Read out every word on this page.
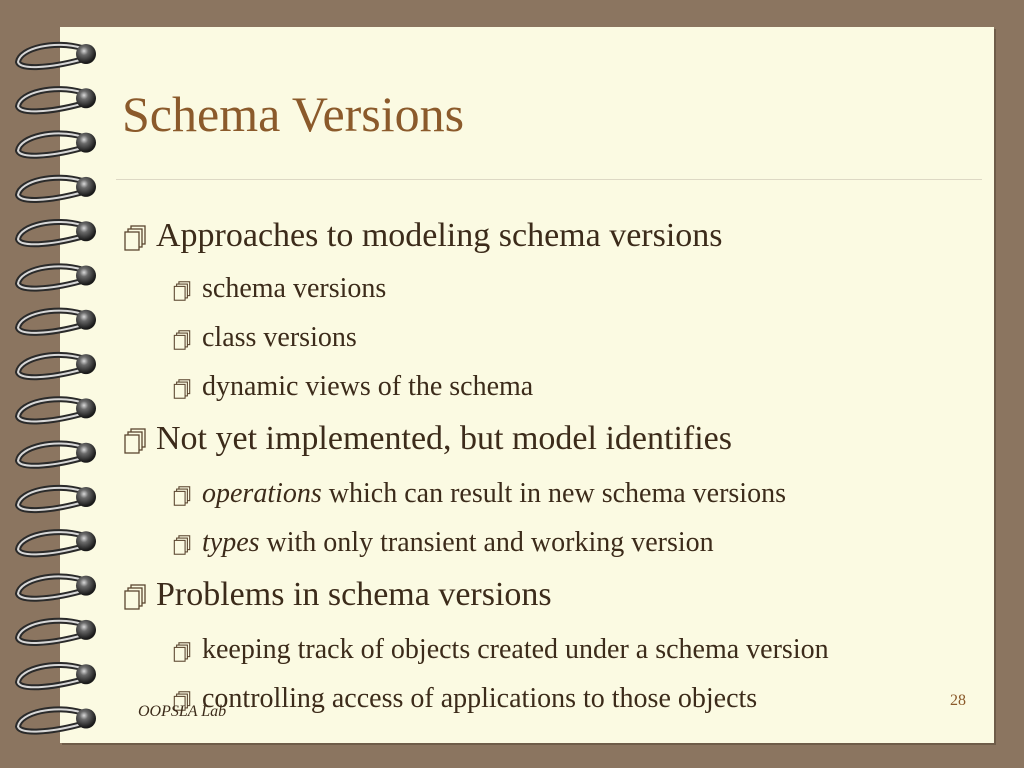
Schema Versions
Approaches to modeling schema versions
schema versions
class versions
dynamic views of the schema
Not yet implemented, but model identifies
operations which can result in new schema versions
types with only transient and working version
Problems in schema versions
keeping track of objects created under a schema version
controlling access of applications to those objects
OOPSLA Lab
28
